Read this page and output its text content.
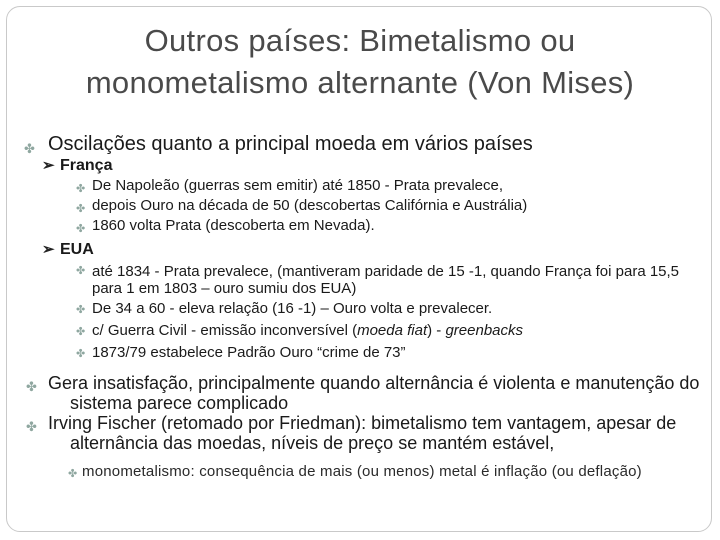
Outros países: Bimetalismo ou
monometalismo alternante (Von Mises)
✤ Oscilações quanto a principal moeda em vários países
➢ França
✤ De Napoleão (guerras sem emitir) até 1850 - Prata prevalece,
✤ depois Ouro na década de 50 (descobertas Califórnia e Austrália)
✤ 1860 volta Prata (descoberta em Nevada).
➢ EUA
✤ até 1834 - Prata prevalece, (mantiveram paridade de 15 -1, quando França foi para 15,5 para 1 em 1803 – ouro sumiu dos EUA)
✤ De 34 a 60 - eleva relação (16 -1) – Ouro volta e prevalecer.
✤ c/ Guerra Civil - emissão inconversível (moeda fiat) - greenbacks
✤ 1873/79 estabelece Padrão Ouro “crime de 73”
✤ Gera insatisfação, principalmente quando alternância é violenta e manutenção do sistema parece complicado
✤ Irving Fischer (retomado por Friedman): bimetalismo tem vantagem, apesar de alternância das moedas, níveis de preço se mantém estável,
✤ monometalismo: consequência de mais (ou menos) metal é inflação (ou deflação)
